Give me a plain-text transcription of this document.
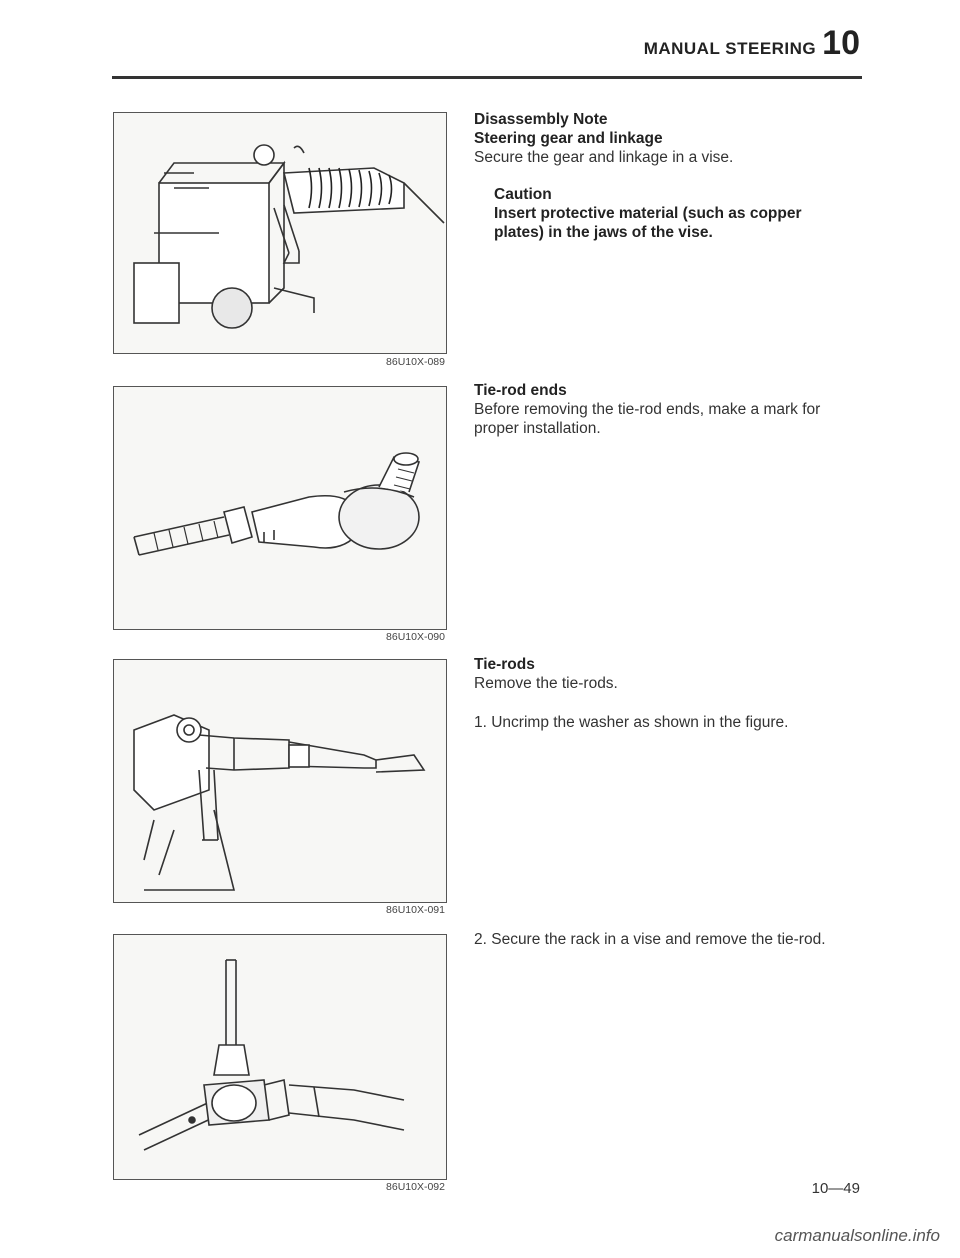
MANUAL STEERING 10
86U10X-089
86U10X-090
86U10X-091
86U10X-092
Disassembly Note
Steering gear and linkage
Secure the gear and linkage in a vise.
Caution
Insert protective material (such as copper
plates) in the jaws of the vise.
Tie-rod ends
Before removing the tie-rod ends, make a mark for
proper installation.
Tie-rods
Remove the tie-rods.
1. Uncrimp the washer as shown in the figure.
2. Secure the rack in a vise and remove the tie-rod.
10—49
carmanualsonline.info
